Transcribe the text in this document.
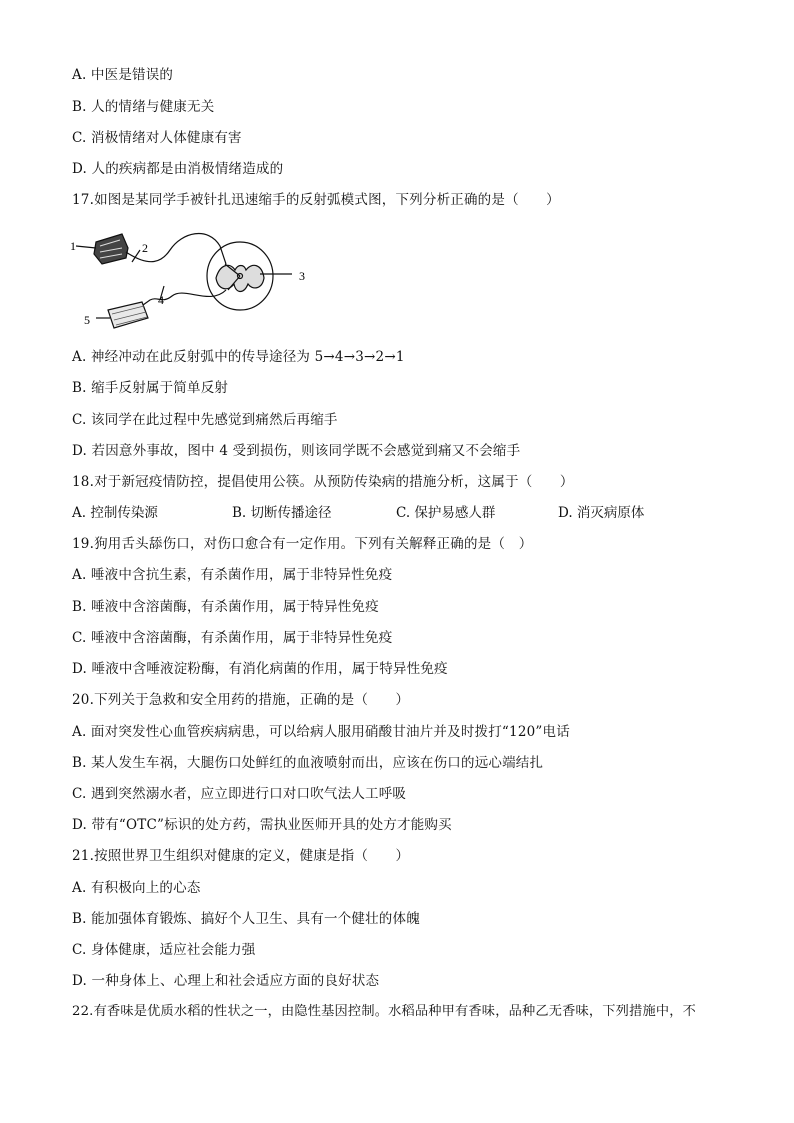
A. 中医是错误的
B. 人的情绪与健康无关
C. 消极情绪对人体健康有害
D. 人的疾病都是由消极情绪造成的
17.如图是某同学手被针扎迅速缩手的反射弧模式图，下列分析正确的是（　　）
1	2
3
4
5
A. 神经冲动在此反射弧中的传导途径为 5→4→3→2→1
B. 缩手反射属于简单反射
C. 该同学在此过程中先感觉到痛然后再缩手
D. 若因意外事故，图中 4 受到损伤，则该同学既不会感觉到痛又不会缩手
18.对于新冠疫情防控，提倡使用公筷。从预防传染病的措施分析，这属于（　　）
A. 控制传染源	B. 切断传播途径	C. 保护易感人群	D. 消灭病原体
19.狗用舌头舔伤口，对伤口愈合有一定作用。下列有关解释正确的是（　）
A. 唾液中含抗生素，有杀菌作用，属于非特异性免疫
B. 唾液中含溶菌酶，有杀菌作用，属于特异性免疫
C. 唾液中含溶菌酶，有杀菌作用，属于非特异性免疫
D. 唾液中含唾液淀粉酶，有消化病菌的作用，属于特异性免疫
20.下列关于急救和安全用药的措施，正确的是（　　）
A. 面对突发性心血管疾病病患，可以给病人服用硝酸甘油片并及时拨打“120”电话
B. 某人发生车祸，大腿伤口处鲜红的血液喷射而出，应该在伤口的远心端结扎
C. 遇到突然溺水者，应立即进行口对口吹气法人工呼吸
D. 带有“OTC”标识的处方药，需执业医师开具的处方才能购买
21.按照世界卫生组织对健康的定义，健康是指（　　）
A. 有积极向上的心态
B. 能加强体育锻炼、搞好个人卫生、具有一个健壮的体魄
C. 身体健康，适应社会能力强
D. 一种身体上、心理上和社会适应方面的良好状态
22.有香味是优质水稻的性状之一，由隐性基因控制。水稻品种甲有香味，品种乙无香味，下列措施中，不
